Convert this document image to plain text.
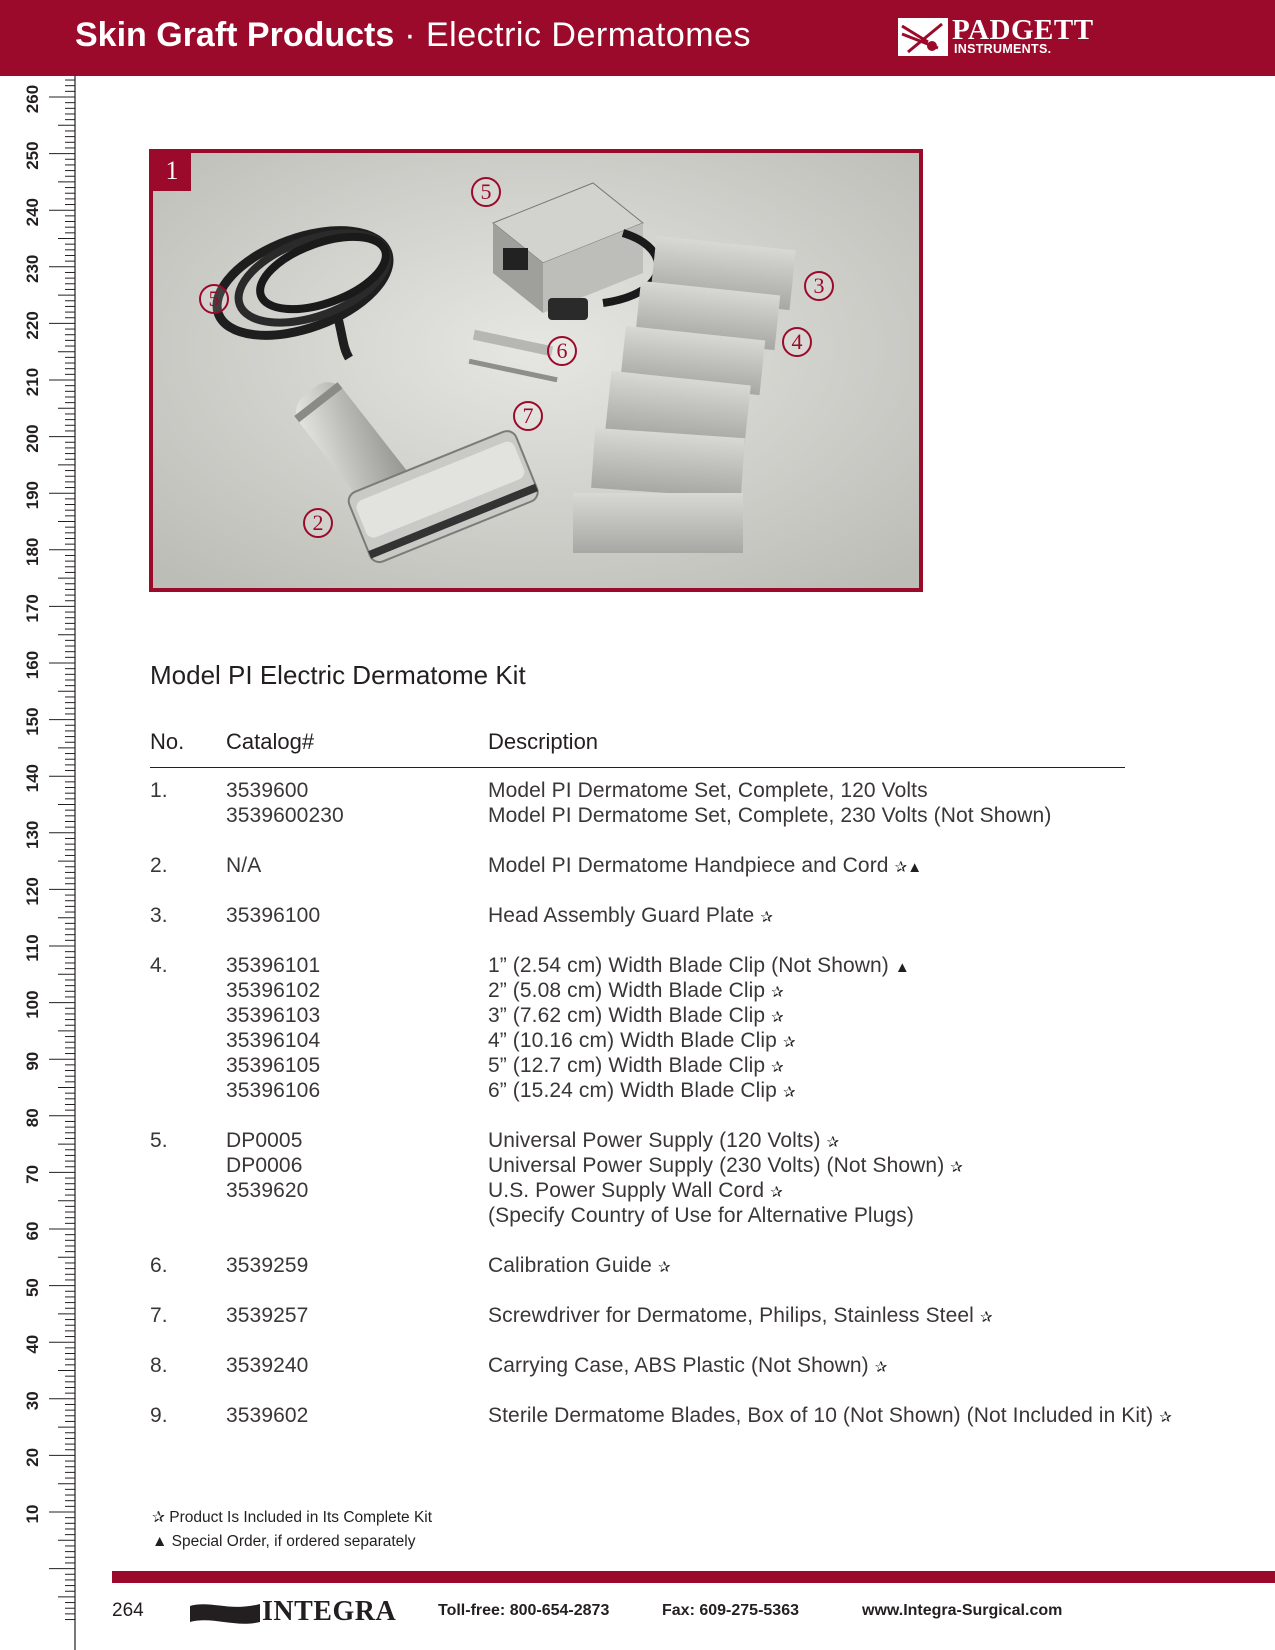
Skin Graft Products · Electric Dermatomes	PADGETT
INSTRUMENTS.
260
250
240
230
220
210
200
190
180
170
160
150
140
130
120
110
100
90
80
70
60
50
40
30
20
10
1
5
5
3
4
6
7
2
Model PI Electric Dermatome Kit
No. Catalog#	Description
1.	3539600	Model PI Dermatome Set, Complete, 120 Volts
3539600230	Model PI Dermatome Set, Complete, 230 Volts (Not Shown)
2.	N/A	Model PI Dermatome Handpiece and Cord ✰▲
3.	35396100	Head Assembly Guard Plate ✰
4.	35396101	1” (2.54 cm) Width Blade Clip (Not Shown) ▲
35396102	2” (5.08 cm) Width Blade Clip ✰
35396103	3” (7.62 cm) Width Blade Clip ✰
35396104	4” (10.16 cm) Width Blade Clip ✰
35396105	5” (12.7 cm) Width Blade Clip ✰
35396106	6” (15.24 cm) Width Blade Clip ✰
5.	DP0005	Universal Power Supply (120 Volts) ✰
DP0006	Universal Power Supply (230 Volts) (Not Shown) ✰
3539620	U.S. Power Supply Wall Cord ✰
(Specify Country of Use for Alternative Plugs)
6.	3539259	Calibration Guide ✰
7.	3539257	Screwdriver for Dermatome, Philips, Stainless Steel ✰
8.	3539240	Carrying Case, ABS Plastic (Not Shown) ✰
9.	3539602	Sterile Dermatome Blades, Box of 10 (Not Shown) (Not Included in Kit) ✰
✰ Product Is Included in Its Complete Kit
▲ Special Order, if ordered separately
264	INTEGRA	Toll-free: 800-654-2873	Fax: 609-275-5363	www.Integra-Surgical.com
